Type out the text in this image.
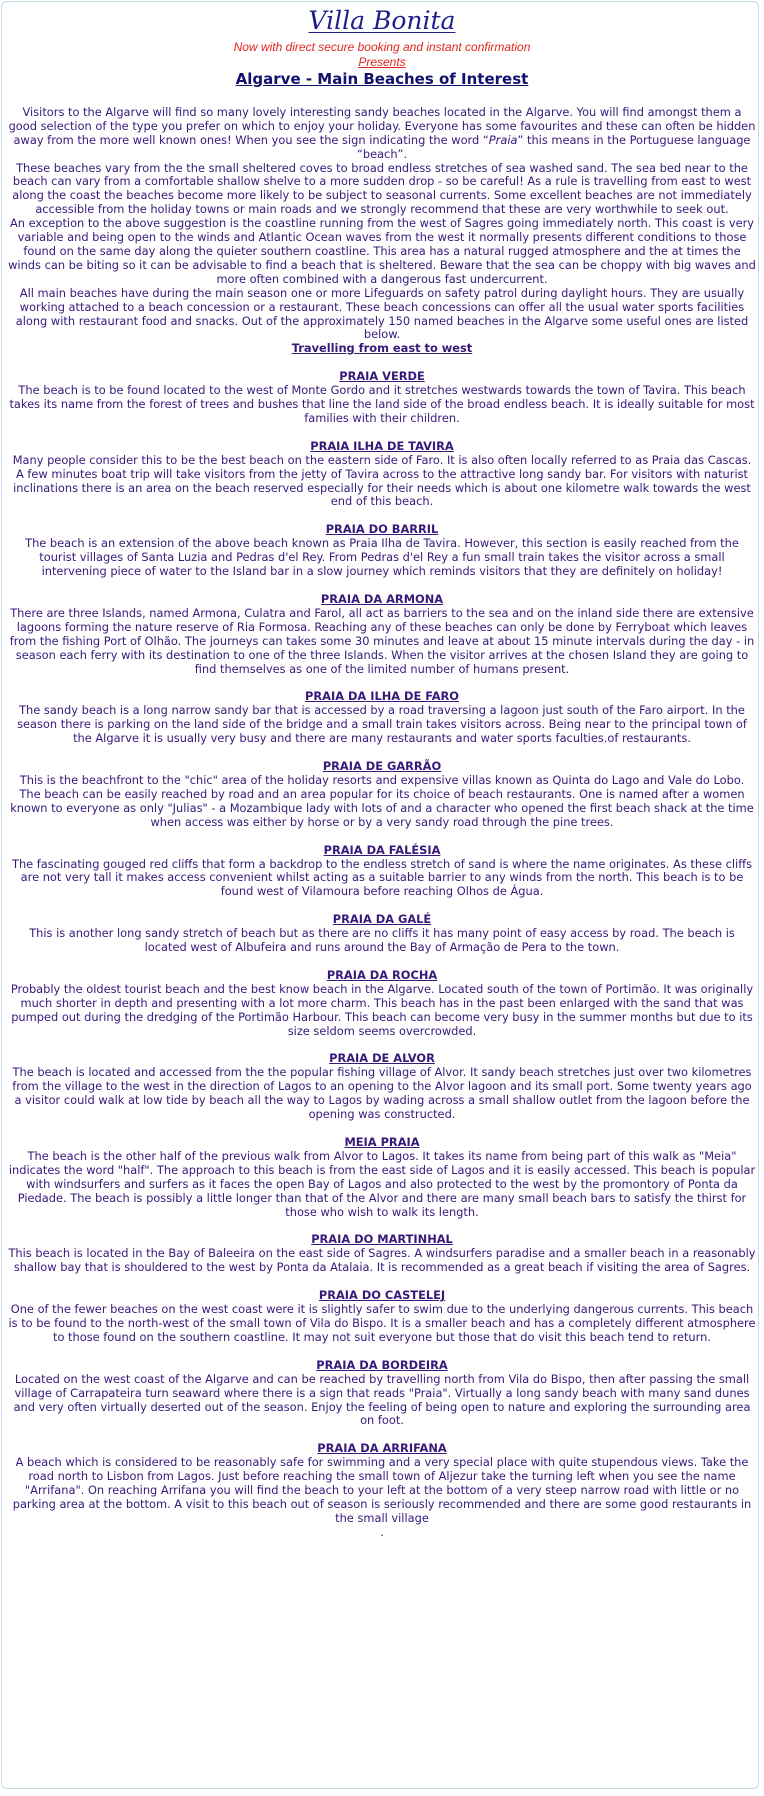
Villa Bonita
Now with direct secure booking and instant confirmation
Presents
Algarve - Main Beaches of Interest

Visitors to the Algarve will find so many lovely interesting sandy beaches located in the Algarve. You will find amongst them a good selection of the type you prefer on which to enjoy your holiday. Everyone has some favourites and these can often be hidden away from the more well known ones! When you see the sign indicating the word “Praia” this means in the Portuguese language “beach”.

These beaches vary from the the small sheltered coves to broad endless stretches of sea washed sand. The sea bed near to the beach can vary from a comfortable shallow shelve to a more sudden drop - so be careful! As a rule is travelling from east to west along the coast the beaches become more likely to be subject to seasonal currents. Some excellent beaches are not immediately accessible from the holiday towns or main roads and we strongly recommend that these are very worthwhile to seek out.

An exception to the above suggestion is the coastline running from the west of Sagres going immediately north. This coast is very variable and being open to the winds and Atlantic Ocean waves from the west it normally presents different conditions to those found on the same day along the quieter southern coastline. This area has a natural rugged atmosphere and the at times the winds can be biting so it can be advisable to find a beach that is sheltered. Beware that the sea can be choppy with big waves and more often combined with a dangerous fast undercurrent.

All main beaches have during the main season one or more Lifeguards on safety patrol during daylight hours. They are usually working attached to a beach concession or a restaurant. These beach concessions can offer all the usual water sports facilities along with restaurant food and snacks. Out of the approximately 150 named beaches in the Algarve some useful ones are listed below.

Travelling from east to west
PRAIA VERDE

The beach is to be found located to the west of Monte Gordo and it stretches westwards towards the town of Tavira. This beach takes its name from the forest of trees and bushes that line the land side of the broad endless beach. It is ideally suitable for most families with their children.

PRAIA ILHA DE TAVIRA

Many people consider this to be the best beach on the eastern side of Faro. It is also often locally referred to as Praia das Cascas. A few minutes boat trip will take visitors from the jetty of Tavira across to the attractive long sandy bar. For visitors with naturist inclinations there is an area on the beach reserved especially for their needs which is about one kilometre walk towards the west end of this beach.

PRAIA DO BARRIL

The beach is an extension of the above beach known as Praia Ilha de Tavira. However, this section is easily reached from the tourist villages of Santa Luzia and Pedras d'el Rey. From Pedras d'el Rey a fun small train takes the visitor across a small intervening piece of water to the Island bar in a slow journey which reminds visitors that they are definitely on holiday!

PRAIA DA ARMONA

There are three Islands, named Armona, Culatra and Farol, all act as barriers to the sea and on the inland side there are extensive lagoons forming the nature reserve of Ria Formosa. Reaching any of these beaches can only be done by Ferryboat which leaves from the fishing Port of Olhão. The journeys can takes some 30 minutes and leave at about 15 minute intervals during the day - in season each ferry with its destination to one of the three Islands. When the visitor arrives at the chosen Island they are going to find themselves as one of the limited number of humans present.

PRAIA DA ILHA DE FARO

The sandy beach is a long narrow sandy bar that is accessed by a road traversing a lagoon just south of the Faro airport. In the season there is parking on the land side of the bridge and a small train takes visitors across. Being near to the principal town of the Algarve it is usually very busy and there are many restaurants and water sports faculties.of restaurants.

PRAIA DE GARRÃO

This is the beachfront to the "chic" area of the holiday resorts and expensive villas known as Quinta do Lago and Vale do Lobo. The beach can be easily reached by road and an area popular for its choice of beach restaurants. One is named after a women known to everyone as only "Julias" - a Mozambique lady with lots of and a character who opened the first beach shack at the time when access was either by horse or by a very sandy road through the pine trees.

PRAIA DA FALÉSIA

The fascinating gouged red cliffs that form a backdrop to the endless stretch of sand is where the name originates. As these cliffs are not very tall it makes access convenient whilst acting as a suitable barrier to any winds from the north. This beach is to be found west of Vilamoura before reaching Olhos de Água.

PRAIA DA GALÉ

This is another long sandy stretch of beach but as there are no cliffs it has many point of easy access by road. The beach is located west of Albufeira and runs around the Bay of Armação de Pera to the town.

PRAIA DA ROCHA

Probably the oldest tourist beach and the best know beach in the Algarve. Located south of the town of Portimão. It was originally much shorter in depth and presenting with a lot more charm. This beach has in the past been enlarged with the sand that was pumped out during the dredging of the Portimão Harbour. This beach can become very busy in the summer months but due to its size seldom seems overcrowded.

PRAIA DE ALVOR

The beach is located and accessed from the the popular fishing village of Alvor. It sandy beach stretches just over two kilometres from the village to the west in the direction of Lagos to an opening to the Alvor lagoon and its small port. Some twenty years ago a visitor could walk at low tide by beach all the way to Lagos by wading across a small shallow outlet from the lagoon before the opening was constructed.

MEIA PRAIA

The beach is the other half of the previous walk from Alvor to Lagos. It takes its name from being part of this walk as "Meia" indicates the word "half". The approach to this beach is from the east side of Lagos and it is easily accessed. This beach is popular with windsurfers and surfers as it faces the open Bay of Lagos and also protected to the west by the promontory of Ponta da Piedade. The beach is possibly a little longer than that of the Alvor and there are many small beach bars to satisfy the thirst for those who wish to walk its length.

PRAIA DO MARTINHAL

This beach is located in the Bay of Baleeira on the east side of Sagres. A windsurfers paradise and a smaller beach in a reasonably shallow bay that is shouldered to the west by Ponta da Atalaia. It is recommended as a great beach if visiting the area of Sagres.

PRAIA DO CASTELEJ

One of the fewer beaches on the west coast were it is slightly safer to swim due to the underlying dangerous currents. This beach is to be found to the north-west of the small town of Vila do Bispo. It is a smaller beach and has a completely different atmosphere to those found on the southern coastline. It may not suit everyone but those that do visit this beach tend to return.

PRAIA DA BORDEIRA

Located on the west coast of the Algarve and can be reached by travelling north from Vila do Bispo, then after passing the small village of Carrapateira turn seaward where there is a sign that reads "Praia". Virtually a long sandy beach with many sand dunes and very often virtually deserted out of the season. Enjoy the feeling of being open to nature and exploring the surrounding area on foot.

PRAIA DA ARRIFANA

A beach which is considered to be reasonably safe for swimming and a very special place with quite stupendous views. Take the road north to Lisbon from Lagos. Just before reaching the small town of Aljezur take the turning left when you see the name "Arrifana". On reaching Arrifana you will find the beach to your left at the bottom of a very steep narrow road with little or no parking area at the bottom. A visit to this beach out of season is seriously recommended and there are some good restaurants in the small village

.
